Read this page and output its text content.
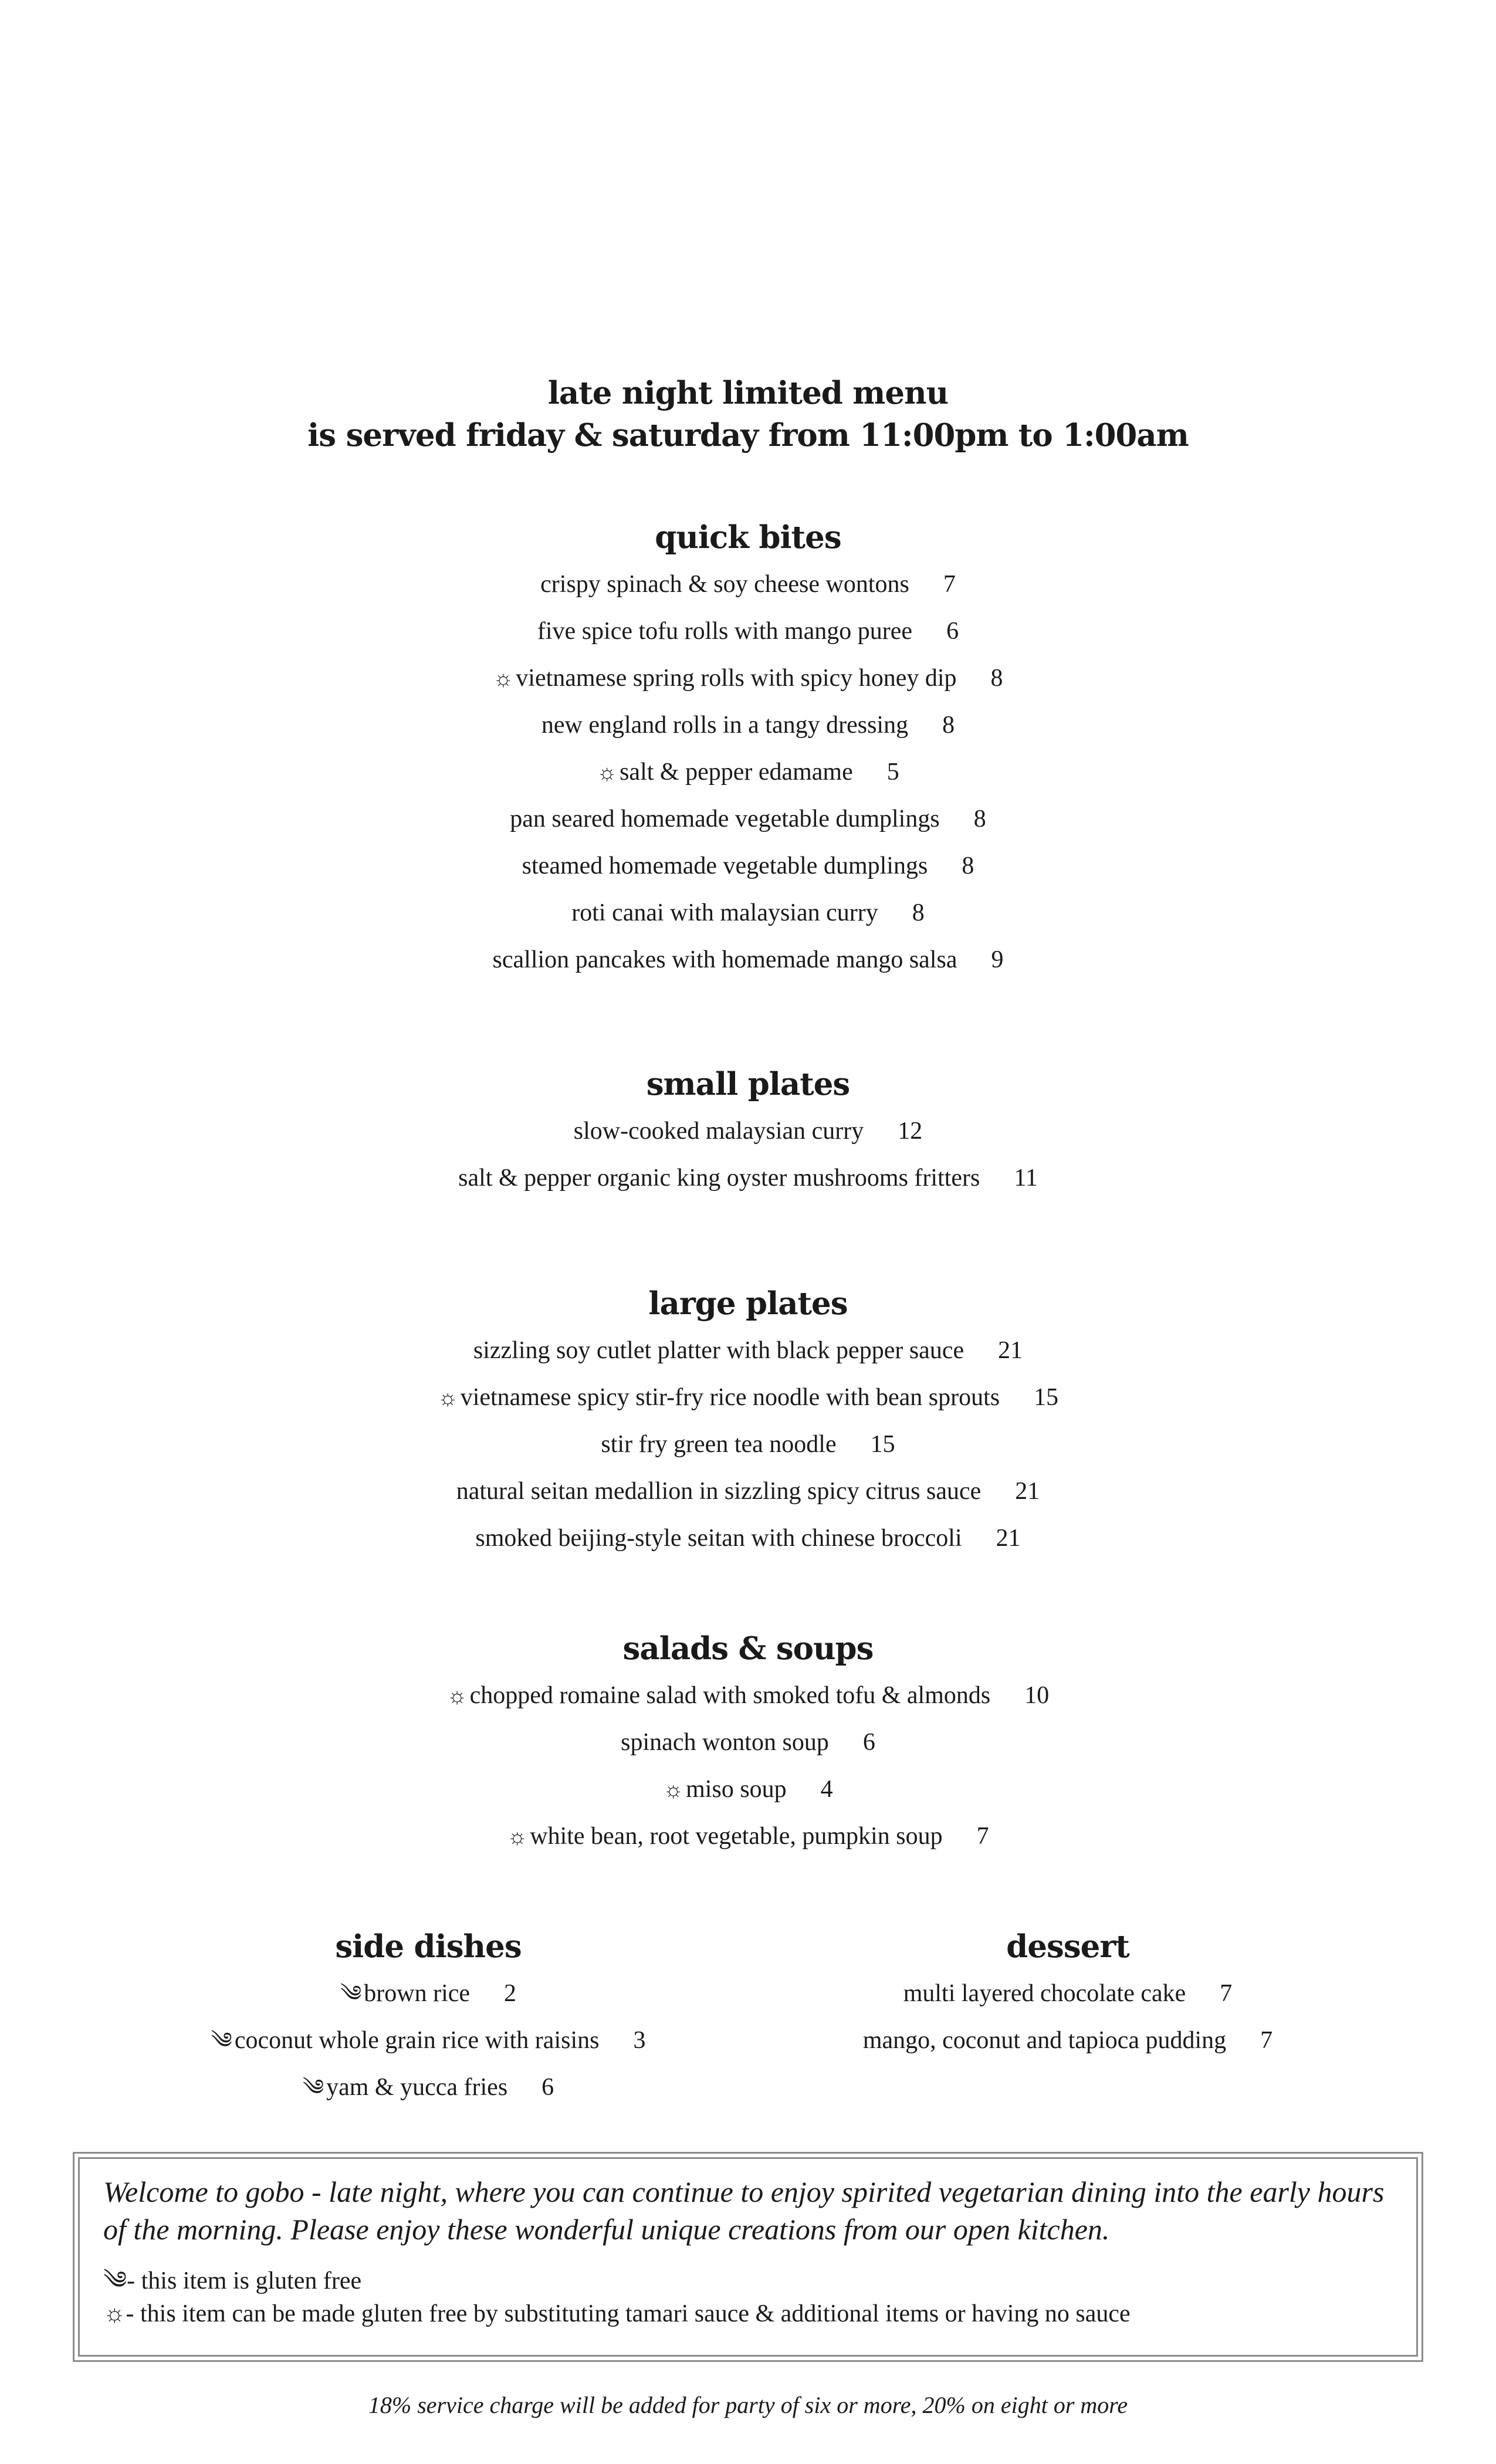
late night limited menu
is served friday & saturday from 11:00pm to 1:00am
quick bites
crispy spinach & soy cheese wontons 7
five spice tofu rolls with mango puree 6
☼vietnamese spring rolls with spicy honey dip 8
new england rolls in a tangy dressing 8
☼salt & pepper edamame 5
pan seared homemade vegetable dumplings 8
steamed homemade vegetable dumplings 8
roti canai with malaysian curry 8
scallion pancakes with homemade mango salsa 9
small plates
slow-cooked malaysian curry 12
salt & pepper organic king oyster mushrooms fritters 11
large plates
sizzling soy cutlet platter with black pepper sauce 21
☼vietnamese spicy stir-fry rice noodle with bean sprouts 15
stir fry green tea noodle 15
natural seitan medallion in sizzling spicy citrus sauce 21
smoked beijing-style seitan with chinese broccoli 21
salads & soups
☼chopped romaine salad with smoked tofu & almonds 10
spinach wonton soup 6
☼miso soup 4
☼white bean, root vegetable, pumpkin soup 7
side dishes
༄brown rice 2
༄coconut whole grain rice with raisins 3
༄yam & yucca fries 6
dessert
multi layered chocolate cake 7
mango, coconut and tapioca pudding 7

Welcome to gobo - late night, where you can continue to enjoy spirited vegetarian dining into the early hours of the morning. Please enjoy these wonderful unique creations from our open kitchen.

༄- this item is gluten free
☼- this item can be made gluten free by substituting tamari sauce & additional items or having no sauce
18% service charge will be added for party of six or more, 20% on eight or more
